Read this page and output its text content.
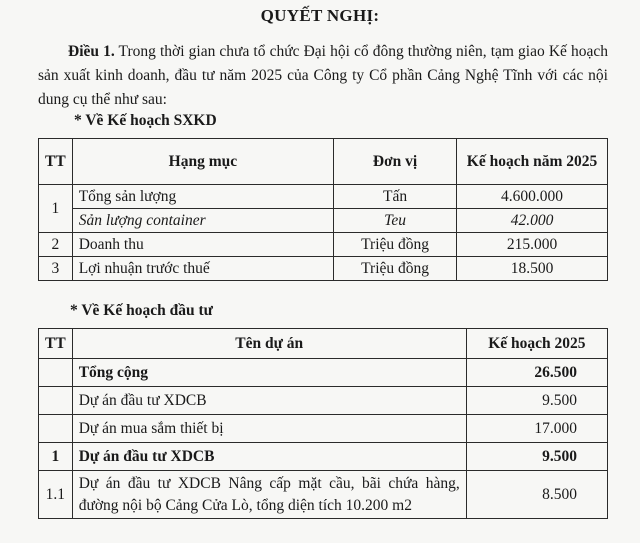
QUYẾT NGHỊ:
Điều 1. Trong thời gian chưa tổ chức Đại hội cổ đông thường niên, tạm giao Kế hoạch sản xuất kinh doanh, đầu tư năm 2025 của Công ty Cổ phần Cảng Nghệ Tĩnh với các nội dung cụ thể như sau:
* Về Kế hoạch SXKD
TT	Hạng mục	Đơn vị	Kế hoạch năm 2025
1	Tổng sản lượng	Tấn	4.600.000
	Sản lượng container	Teu	42.000
2	Doanh thu	Triệu đồng	215.000
3	Lợi nhuận trước thuế	Triệu đồng	18.500
* Về Kế hoạch đầu tư
TT	Tên dự án	Kế hoạch 2025
	Tổng cộng	26.500
	Dự án đầu tư XDCB	9.500
	Dự án mua sắm thiết bị	17.000
1	Dự án đầu tư XDCB	9.500
1.1	Dự án đầu tư XDCB Nâng cấp mặt cầu, bãi chứa hàng, đường nội bộ Cảng Cửa Lò, tổng diện tích 10.200 m2	8.500
